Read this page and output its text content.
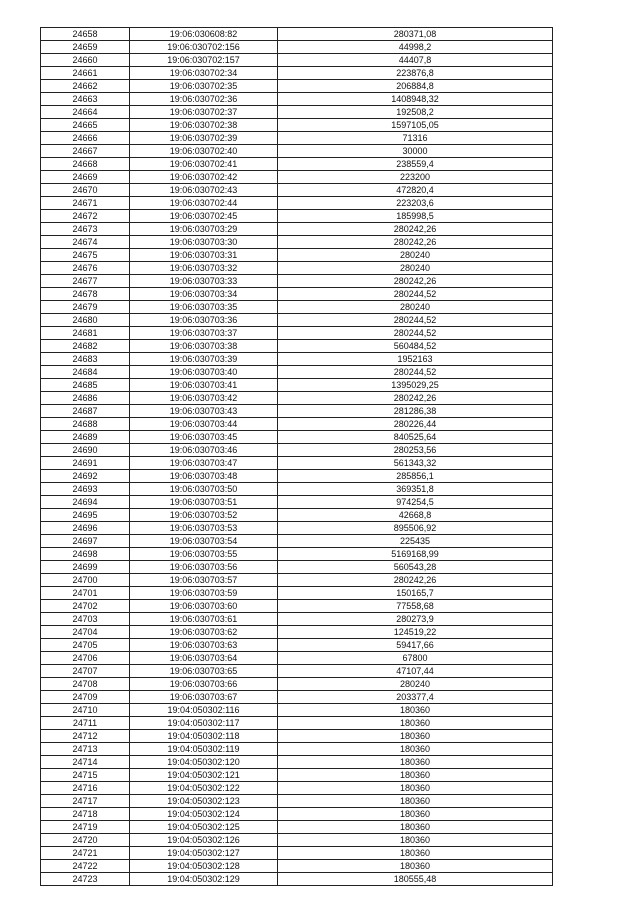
24658	19:06:030608:82	280371,08
24659	19:06:030702:156	44998,2
24660	19:06:030702:157	44407,8
24661	19:06:030702:34	223876,8
24662	19:06:030702:35	206884,8
24663	19:06:030702:36	1408948,32
24664	19:06:030702:37	192508,2
24665	19:06:030702:38	1597105,05
24666	19:06:030702:39	71316
24667	19:06:030702:40	30000
24668	19:06:030702:41	238559,4
24669	19:06:030702:42	223200
24670	19:06:030702:43	472820,4
24671	19:06:030702:44	223203,6
24672	19:06:030702:45	185998,5
24673	19:06:030703:29	280242,26
24674	19:06:030703:30	280242,26
24675	19:06:030703:31	280240
24676	19:06:030703:32	280240
24677	19:06:030703:33	280242,26
24678	19:06:030703:34	280244,52
24679	19:06:030703:35	280240
24680	19:06:030703:36	280244,52
24681	19:06:030703:37	280244,52
24682	19:06:030703:38	560484,52
24683	19:06:030703:39	1952163
24684	19:06:030703:40	280244,52
24685	19:06:030703:41	1395029,25
24686	19:06:030703:42	280242,26
24687	19:06:030703:43	281286,38
24688	19:06:030703:44	280226,44
24689	19:06:030703:45	840525,64
24690	19:06:030703:46	280253,56
24691	19:06:030703:47	561343,32
24692	19:06:030703:48	285856,1
24693	19:06:030703:50	369351,8
24694	19:06:030703:51	974254,5
24695	19:06:030703:52	42668,8
24696	19:06:030703:53	895506,92
24697	19:06:030703:54	225435
24698	19:06:030703:55	5169168,99
24699	19:06:030703:56	560543,28
24700	19:06:030703:57	280242,26
24701	19:06:030703:59	150165,7
24702	19:06:030703:60	77558,68
24703	19:06:030703:61	280273,9
24704	19:06:030703:62	124519,22
24705	19:06:030703:63	59417,66
24706	19:06:030703:64	67800
24707	19:06:030703:65	47107,44
24708	19:06:030703:66	280240
24709	19:06:030703:67	203377,4
24710	19:04:050302:116	180360
24711	19:04:050302:117	180360
24712	19:04:050302:118	180360
24713	19:04:050302:119	180360
24714	19:04:050302:120	180360
24715	19:04:050302:121	180360
24716	19:04:050302:122	180360
24717	19:04:050302:123	180360
24718	19:04:050302:124	180360
24719	19:04:050302:125	180360
24720	19:04:050302:126	180360
24721	19:04:050302:127	180360
24722	19:04:050302:128	180360
24723	19:04:050302:129	180555,48
